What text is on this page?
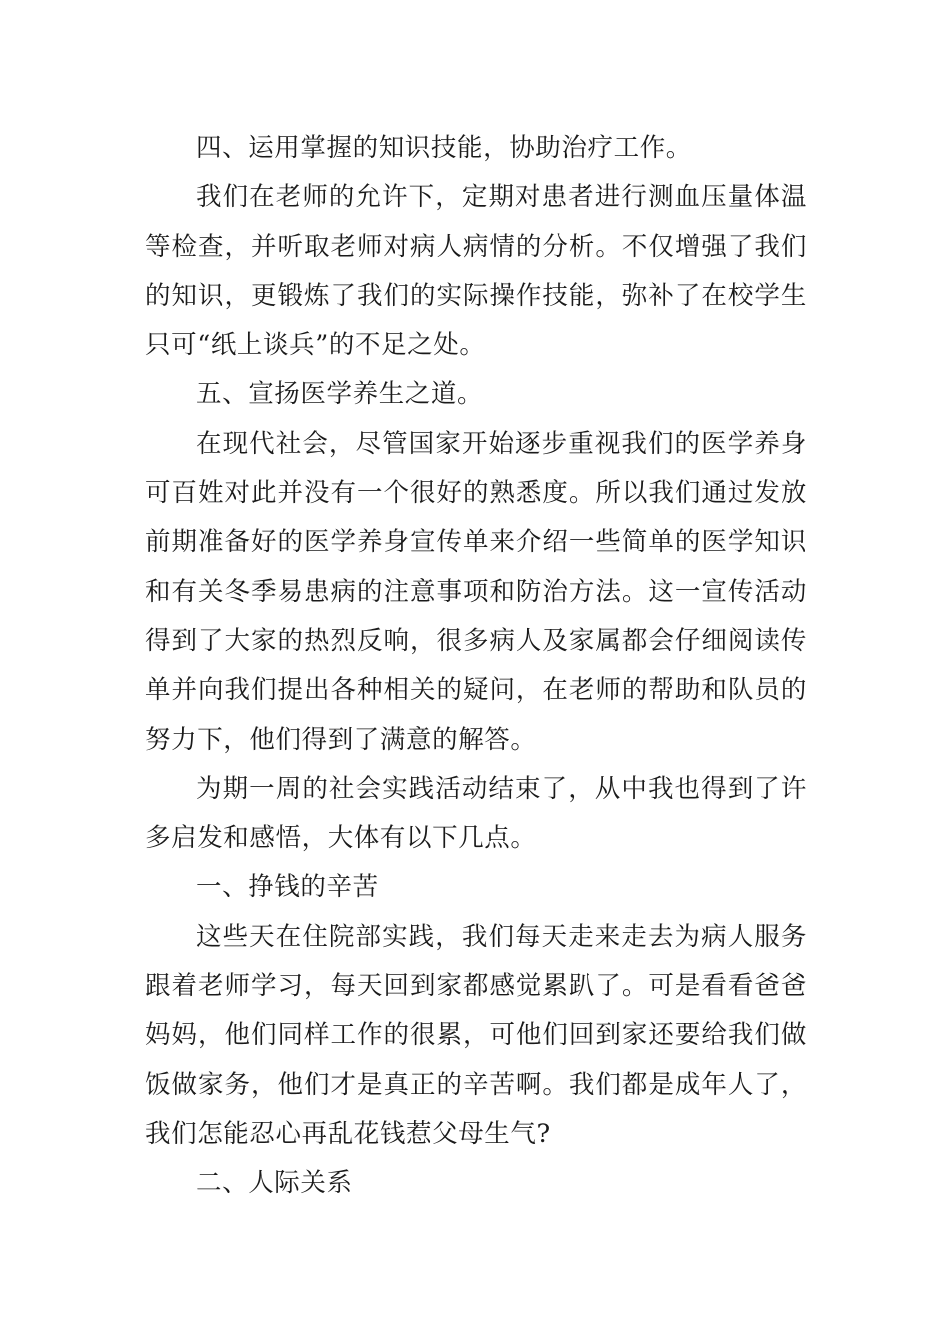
四、运用掌握的知识技能，协助治疗工作。

我们在老师的允许下，定期对患者进行测血压量体温等检查，并听取老师对病人病情的分析。不仅增强了我们的知识，更锻炼了我们的实际操作技能，弥补了在校学生只可“纸上谈兵”的不足之处。

五、宣扬医学养生之道。

在现代社会，尽管国家开始逐步重视我们的医学养身可百姓对此并没有一个很好的熟悉度。所以我们通过发放前期准备好的医学养身宣传单来介绍一些简单的医学知识和有关冬季易患病的注意事项和防治方法。这一宣传活动得到了大家的热烈反响，很多病人及家属都会仔细阅读传单并向我们提出各种相关的疑问，在老师的帮助和队员的努力下，他们得到了满意的解答。

为期一周的社会实践活动结束了，从中我也得到了许多启发和感悟，大体有以下几点。

一、挣钱的辛苦

这些天在住院部实践，我们每天走来走去为病人服务跟着老师学习，每天回到家都感觉累趴了。可是看看爸爸妈妈，他们同样工作的很累，可他们回到家还要给我们做饭做家务，他们才是真正的辛苦啊。我们都是成年人了，我们怎能忍心再乱花钱惹父母生气?

二、人际关系
